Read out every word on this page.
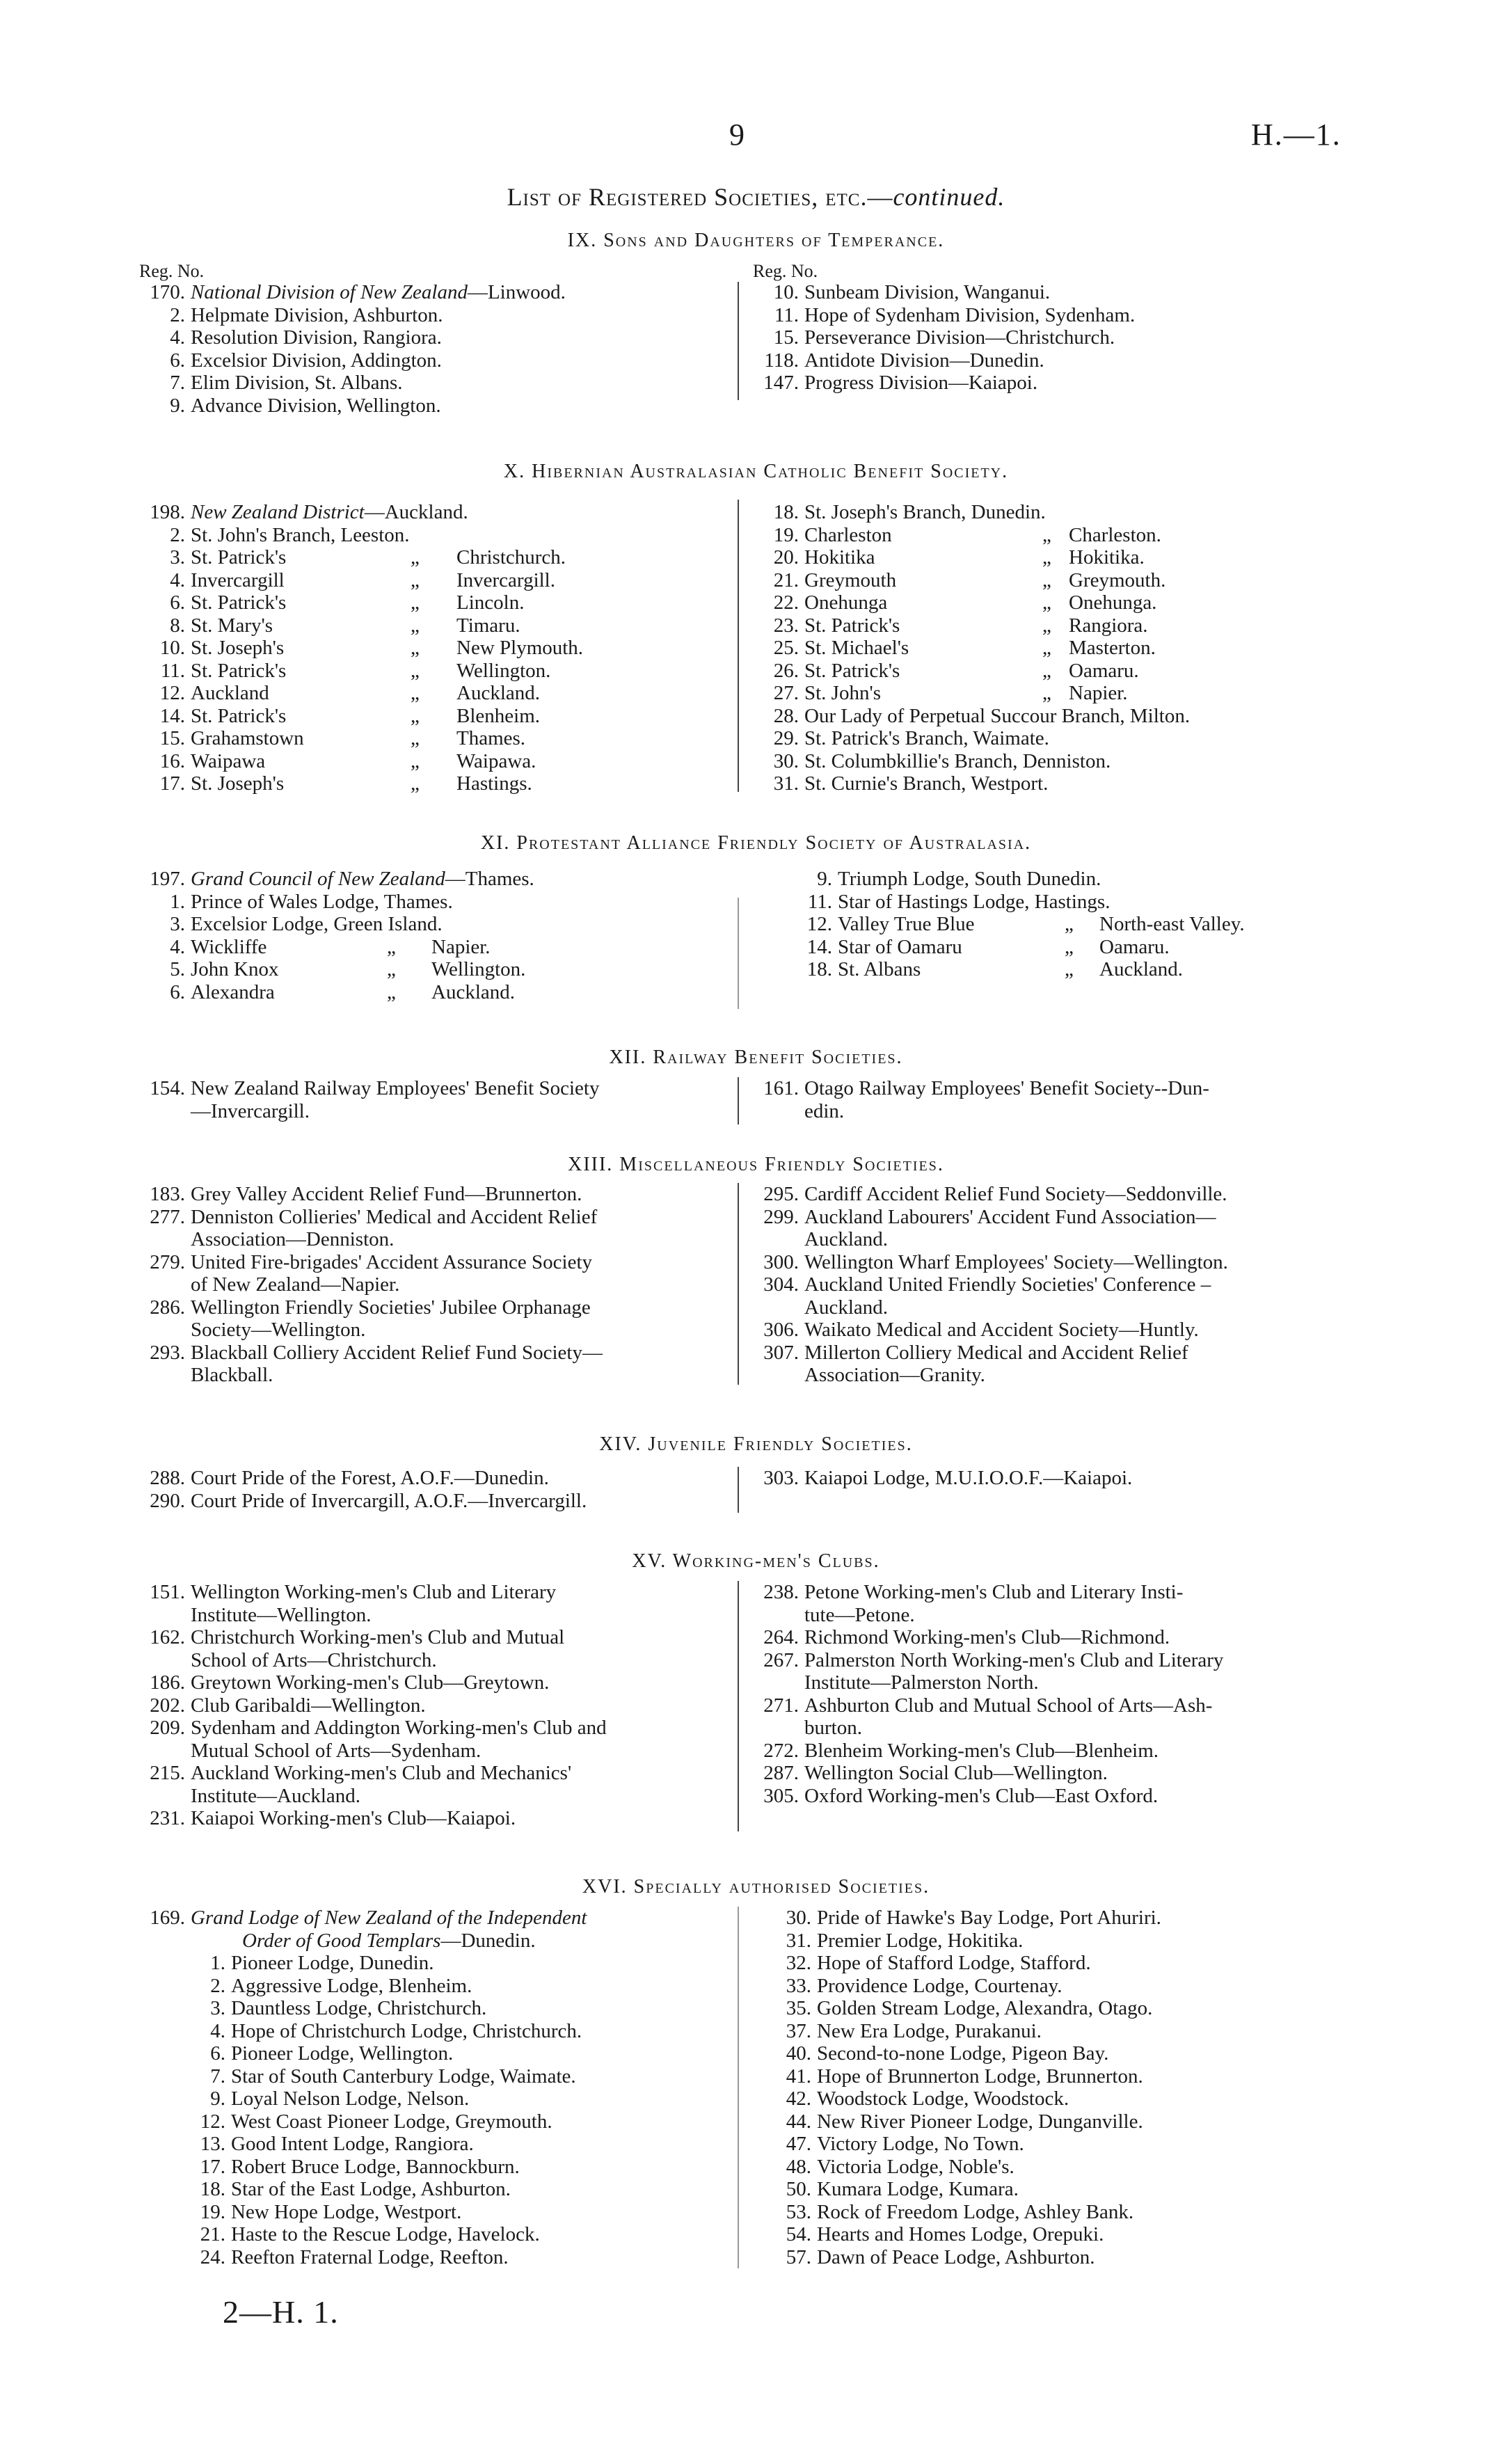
9	H.—1.
List of Registered Societies, etc.—continued.
IX. Sons and Daughters of Temperance.
Reg. No.
170. National Division of New Zealand—Linwood.
2. Helpmate Division, Ashburton.
4. Resolution Division, Rangiora.
6. Excelsior Division, Addington.
7. Elim Division, St. Albans.
9. Advance Division, Wellington.
Reg. No.
10. Sunbeam Division, Wanganui.
11. Hope of Sydenham Division, Sydenham.
15. Perseverance Division—Christchurch.
118. Antidote Division—Dunedin.
147. Progress Division—Kaiapoi.
X. Hibernian Australasian Catholic Benefit Society.
198. New Zealand District—Auckland.
2. St. John's Branch, Leeston.
3. St. Patrick's	„ Christchurch.
4. Invercargill	„ Invercargill.
6. St. Patrick's	„ Lincoln.
8. St. Mary's	„ Timaru.
10. St. Joseph's	„ New Plymouth.
11. St. Patrick's	„ Wellington.
12. Auckland	„ Auckland.
14. St. Patrick's	„ Blenheim.
15. Grahamstown	„ Thames.
16. Waipawa	„ Waipawa.
17. St. Joseph's	„ Hastings.
18. St. Joseph's Branch, Dunedin.
19. Charleston	„ Charleston.
20. Hokitika	„ Hokitika.
21. Greymouth	„ Greymouth.
22. Onehunga	„ Onehunga.
23. St. Patrick's	„ Rangiora.
25. St. Michael's	„ Masterton.
26. St. Patrick's	„ Oamaru.
27. St. John's	„ Napier.
28. Our Lady of Perpetual Succour Branch, Milton.
29. St. Patrick's Branch, Waimate.
30. St. Columbkillie's Branch, Denniston.
31. St. Curnie's Branch, Westport.
XI. Protestant Alliance Friendly Society of Australasia.
197. Grand Council of New Zealand—Thames.
1. Prince of Wales Lodge, Thames.
3. Excelsior Lodge, Green Island.
4. Wickliffe	„ Napier.
5. John Knox	„ Wellington.
6. Alexandra	„ Auckland.
9. Triumph Lodge, South Dunedin.
11. Star of Hastings Lodge, Hastings.
12. Valley True Blue	„ North-east Valley.
14. Star of Oamaru	„ Oamaru.
18. St. Albans	„ Auckland.
XII. Railway Benefit Societies.
154. New Zealand Railway Employees' Benefit Society
—Invercargill.
161. Otago Railway Employees' Benefit Society--Dun-
edin.
XIII. Miscellaneous Friendly Societies.
183. Grey Valley Accident Relief Fund—Brunnerton.
277. Denniston Collieries' Medical and Accident Relief
Association—Denniston.
279. United Fire-brigades' Accident Assurance Society
of New Zealand—Napier.
286. Wellington Friendly Societies' Jubilee Orphanage
Society—Wellington.
293. Blackball Colliery Accident Relief Fund Society—
Blackball.
295. Cardiff Accident Relief Fund Society—Seddonville.
299. Auckland Labourers' Accident Fund Association—
Auckland.
300. Wellington Wharf Employees' Society—Wellington.
304. Auckland United Friendly Societies' Conference –
Auckland.
306. Waikato Medical and Accident Society—Huntly.
307. Millerton Colliery Medical and Accident Relief
Association—Granity.
XIV. Juvenile Friendly Societies.
288. Court Pride of the Forest, A.O.F.—Dunedin.
290. Court Pride of Invercargill, A.O.F.—Invercargill.
303. Kaiapoi Lodge, M.U.I.O.O.F.—Kaiapoi.
XV. Working-men's Clubs.
151. Wellington Working-men's Club and Literary
Institute—Wellington.
162. Christchurch Working-men's Club and Mutual
School of Arts—Christchurch.
186. Greytown Working-men's Club—Greytown.
202. Club Garibaldi—Wellington.
209. Sydenham and Addington Working-men's Club and
Mutual School of Arts—Sydenham.
215. Auckland Working-men's Club and Mechanics'
Institute—Auckland.
231. Kaiapoi Working-men's Club—Kaiapoi.
238. Petone Working-men's Club and Literary Insti-
tute—Petone.
264. Richmond Working-men's Club—Richmond.
267. Palmerston North Working-men's Club and Literary
Institute—Palmerston North.
271. Ashburton Club and Mutual School of Arts—Ash-
burton.
272. Blenheim Working-men's Club—Blenheim.
287. Wellington Social Club—Wellington.
305. Oxford Working-men's Club—East Oxford.
XVI. Specially authorised Societies.
169. Grand Lodge of New Zealand of the Independent
Order of Good Templars—Dunedin.
1. Pioneer Lodge, Dunedin.
2. Aggressive Lodge, Blenheim.
3. Dauntless Lodge, Christchurch.
4. Hope of Christchurch Lodge, Christchurch.
6. Pioneer Lodge, Wellington.
7. Star of South Canterbury Lodge, Waimate.
9. Loyal Nelson Lodge, Nelson.
12. West Coast Pioneer Lodge, Greymouth.
13. Good Intent Lodge, Rangiora.
17. Robert Bruce Lodge, Bannockburn.
18. Star of the East Lodge, Ashburton.
19. New Hope Lodge, Westport.
21. Haste to the Rescue Lodge, Havelock.
24. Reefton Fraternal Lodge, Reefton.
30. Pride of Hawke's Bay Lodge, Port Ahuriri.
31. Premier Lodge, Hokitika.
32. Hope of Stafford Lodge, Stafford.
33. Providence Lodge, Courtenay.
35. Golden Stream Lodge, Alexandra, Otago.
37. New Era Lodge, Purakanui.
40. Second-to-none Lodge, Pigeon Bay.
41. Hope of Brunnerton Lodge, Brunnerton.
42. Woodstock Lodge, Woodstock.
44. New River Pioneer Lodge, Dunganville.
47. Victory Lodge, No Town.
48. Victoria Lodge, Noble's.
50. Kumara Lodge, Kumara.
53. Rock of Freedom Lodge, Ashley Bank.
54. Hearts and Homes Lodge, Orepuki.
57. Dawn of Peace Lodge, Ashburton.
2—H. 1.
